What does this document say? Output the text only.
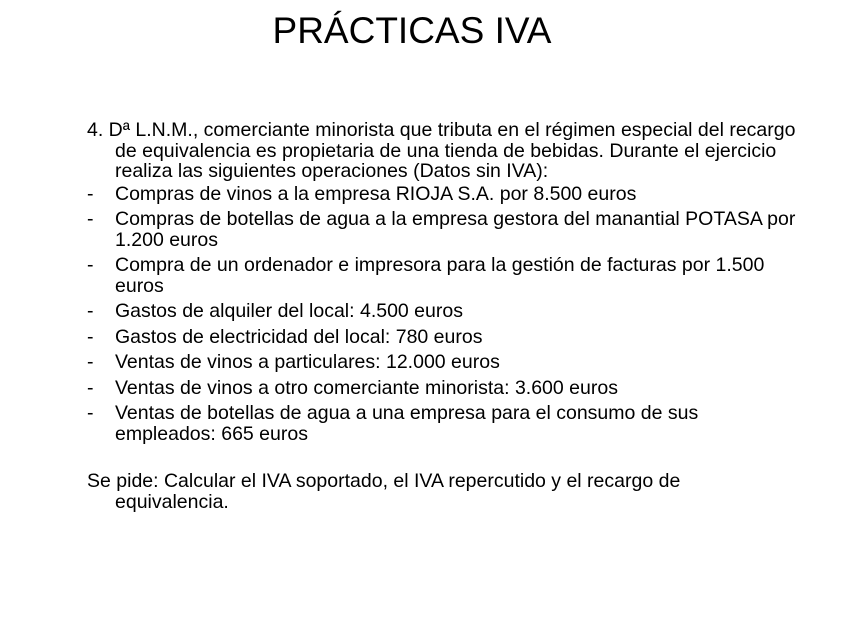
PRÁCTICAS IVA

4. Dª L.N.M., comerciante minorista que tributa en el régimen especial del recargo de equivalencia es propietaria de una tienda de bebidas. Durante el ejercicio realiza las siguientes operaciones (Datos sin IVA):

- Compras de vinos a la empresa RIOJA S.A. por 8.500 euros
- Compras de botellas de agua a la empresa gestora del manantial POTASA por 1.200 euros
- Compra de un ordenador e impresora para la gestión de facturas por 1.500 euros
- Gastos de alquiler del local: 4.500 euros
- Gastos de electricidad del local: 780 euros
- Ventas de vinos a particulares: 12.000 euros
- Ventas de vinos a otro comerciante minorista: 3.600 euros
- Ventas de botellas de agua a una empresa para el consumo de sus empleados: 665 euros

Se pide: Calcular el IVA soportado, el IVA repercutido y el recargo de equivalencia.
